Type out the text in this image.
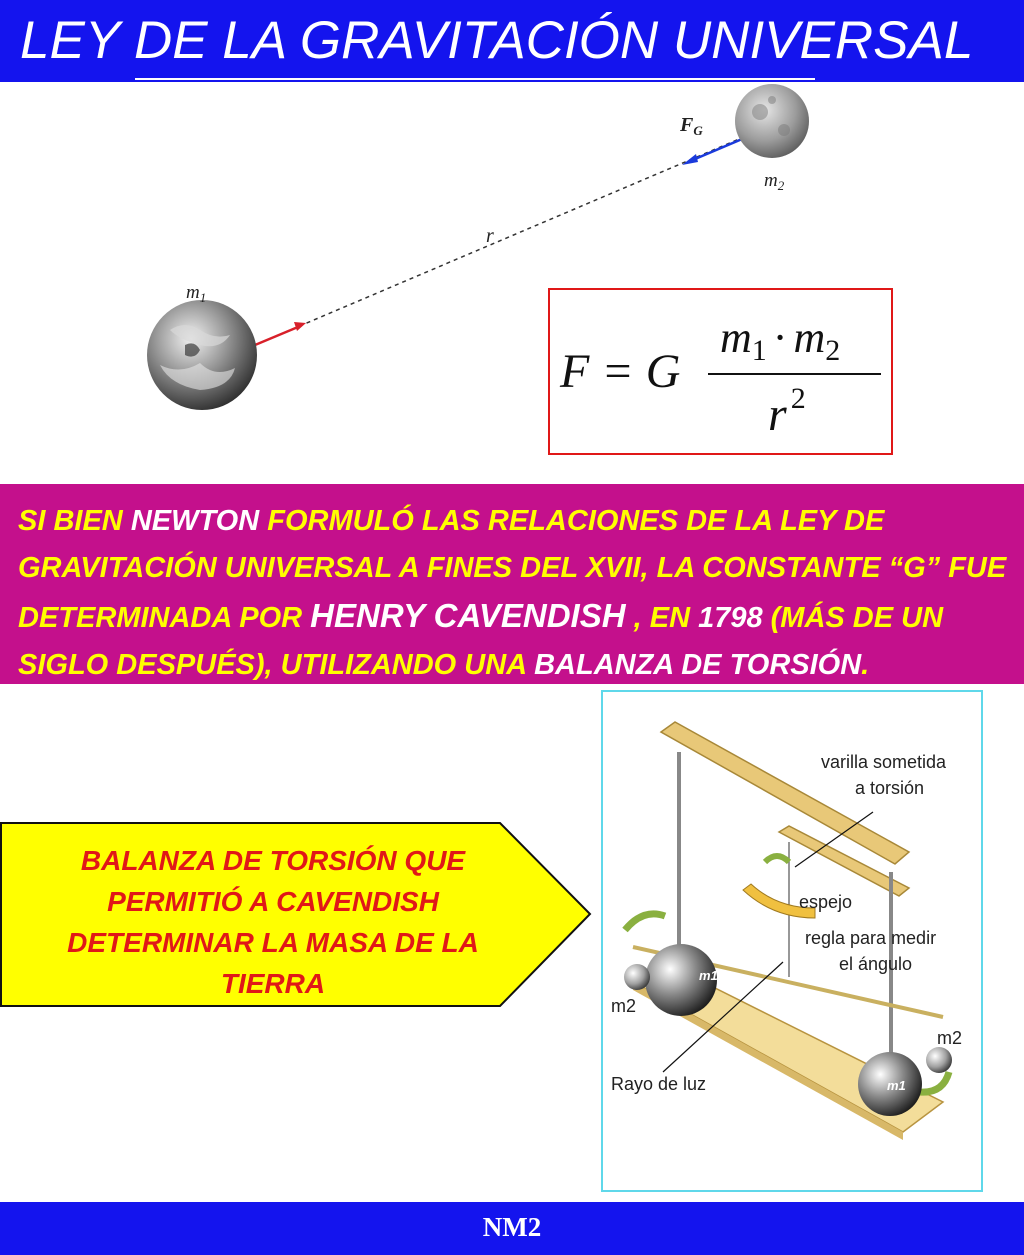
LEY DE LA GRAVITACIÓN UNIVERSAL
$F_G$
$m_2$
$m_1$
r
F = G
m1 · m2
r $^2$
SI BIEN NEWTON FORMULÓ LAS RELACIONES DE LA LEY DE GRAVITACIÓN UNIVERSAL A FINES DEL XVII, LA CONSTANTE “G” FUE DETERMINADA POR HENRY CAVENDISH , EN 1798 (MÁS DE UN SIGLO DESPUÉS), UTILIZANDO UNA BALANZA DE TORSIÓN.
BALANZA DE TORSIÓN QUE PERMITIÓ A CAVENDISH DETERMINAR LA MASA DE LA TIERRA
varilla sometida
a torsión
espejo
regla para medir
el ángulo
m1
m1
m2
m2
Rayo de luz
NM2
